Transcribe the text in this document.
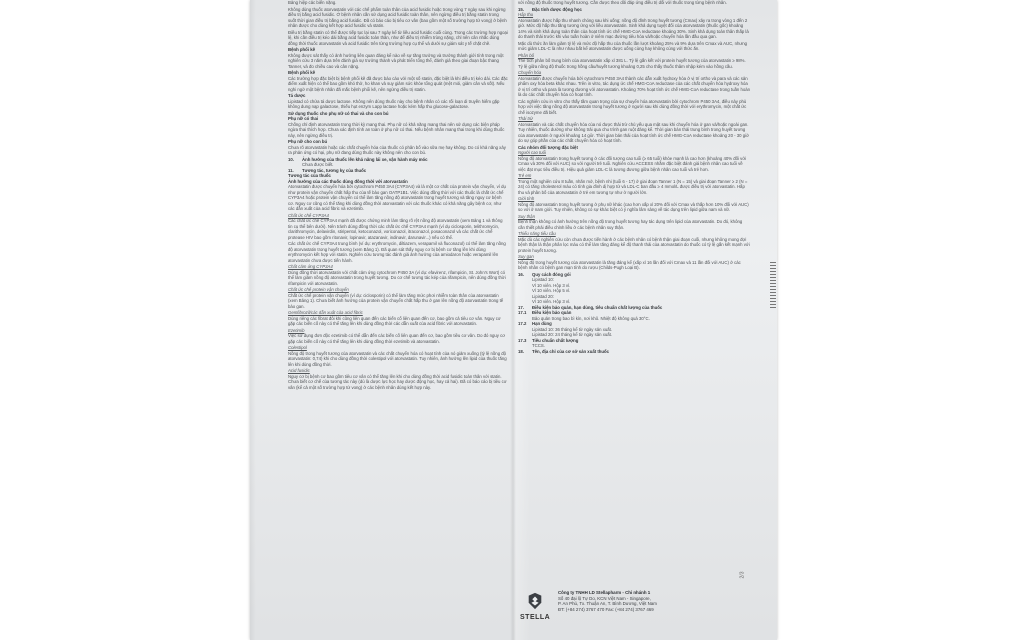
Bảng hiệp cảc biến nặng.
Không dùng thuốc atorvastatin với các chế phẩm toàn thân của acid fusidic hoặc trong vòng 7 ngày sau khi ngừng điều trị bằng acid fusidic. Ở bệnh nhân cần sử dụng acid fusidic toàn thân, nên ngừng điều trị bằng statin trong suốt thời gian điều trị bằng acid fusidic. Đã có báo cáo bị tiêu cơ vân (bao gồm một số trường hợp tử vong) ở bệnh nhân được cho dùng kết hợp acid fusidic và statin.
Điều trị bằng statin có thể được tiếp tục lại sau 7 ngày kể từ liều acid fusidic cuối cùng. Trong các trường hợp ngoại lệ, khi cần điều trị kéo dài bằng acid fusidic toàn thân, như để điều trị nhiễm trùng nặng, chỉ nên cân nhắc dùng đồng thời thuốc atorvastatin và acid fusidic trên từng trường hợp cụ thể và dưới sự giám sát y tế chặt chẽ.
Bệnh phổi kẽ
Không được sát thấy có ảnh hưởng liên quan đáng kể nào về sự tăng trưởng và trưởng thành giới tính trong một nghiên cứu 3 năm dựa trên đánh giá sự trưởng thành và phát triển tổng thể, đánh giá theo giai đoạn bậc thang Tanner, và đo chiều cao và cân nặng.
Bệnh phổi kẽ
Các trường hợp đặc biệt bị bệnh phổi kẽ đã được báo cáo với một số statin, đặc biệt là khi điều trị kéo dài. Các đặc điểm xuất hiện có thể bao gồm khó thở, ho khan và suy giảm sức khỏe tổng quát (mệt mỏi, giảm cân và sốt). Nếu nghi ngờ một bệnh nhân đã mắc bệnh phổi kẽ, nên ngừng điều trị statin.
Tá dược
Lipistad có chứa tá dược lactose. Không nên dùng thuốc này cho bệnh nhân có các rối loạn di truyền hiếm gặp không dung nạp galactose, thiếu hụt enzym Lapp lactase hoặc kém hấp thu glucose-galactose.
Sử dụng thuốc cho phụ nữ có thai và cho con bú
Phụ nữ có thai
Chống chỉ định atorvastatin trong thời kỳ mang thai. Phụ nữ có khả năng mang thai nên sử dụng các biện pháp ngừa thai thích hợp. Chưa xác định tính an toàn ở phụ nữ có thai. Nếu bệnh nhân mang thai trong khi dùng thuốc này, nên ngừng điều trị.
Phụ nữ cho con bú
Chưa rõ atorvastatin hoặc các chất chuyển hóa của thuốc có phân bố vào sữa mẹ hay không. Do có khả năng xảy ra phản ứng có hại, phụ nữ đang dùng thuốc này không nên cho con bú.
10. Ảnh hưởng của thuốc lên khả năng lái xe, vận hành máy móc
Chưa được biết.
11. Tương tác, tương kỵ của thuốc
Tương tác của thuốc
Ảnh hưởng của các thuốc dùng đồng thời với atorvastatin
Atorvastatin được chuyển hóa bởi cytochrom P450 3A4 (CYP3A4) và là một cơ chất của protein vận chuyển, ví dụ như protein vận chuyển chất hấp thu của tế bào gan OATP1B1. Việc dùng đồng thời với các thuốc là chất ức chế CYP3A4 hoặc protein vận chuyển có thể làm tăng nồng độ atorvastatin trong huyết tương và tăng nguy cơ bệnh cơ. Nguy cơ cũng có thể tăng khi dùng đồng thời atorvastatin với các thuốc khác có khả năng gây bệnh cơ, như các dẫn xuất của acid fibric và ezetimib.
Chất ức chế CYP3A4
Các chất ức chế CYP3A4 mạnh đã được chứng minh làm tăng rõ rệt nồng độ atorvastatin (xem Bảng 1 và thông tin cụ thể bên dưới). Nên tránh dùng đồng thời các chất ức chế CYP3A4 mạnh (ví dụ ciclosporin, telithromycin, clarithromycin, delavirdin, stiripentol, ketoconazol, voriconazol, itraconazol, posaconazol và các chất ức chế protease HIV bao gồm ritonavir, lopinavir, atazanavir, indinavir, darunavir...) nếu có thể.
Các chất ức chế CYP3A4 trung bình (ví dụ: erythromycin, diltiazem, verapamil và fluconazol) có thể làm tăng nồng độ atorvastatin trong huyết tương (xem Bảng 1). Đã quan sát thấy nguy cơ bị bệnh cơ tăng lên khi dùng erythromycin kết hợp với statin. Nghiên cứu tương tác đánh giá ảnh hưởng của amiodaron hoặc verapamil lên atorvastatin chưa được tiến hành.
Chất cảm ứng CYP3A4
Dùng đồng thời atorvastatin với chất cảm ứng cytochrom P450 3A (ví dụ: efavirenz, rifampicin, St. John's Wort) có thể làm giảm nồng độ atorvastatin trong huyết tương. Do cơ chế tương tác kép của rifampicin, nên dùng đồng thời rifampicin với atorvastatin.
Chất ức chế protein vận chuyển
Chất ức chế protein vận chuyển (ví dụ: ciclosporin) có thể làm tăng mức phơi nhiễm toàn thân của atorvastatin (xem Bảng 1). Chưa biết ảnh hưởng của protein vận chuyển chất hấp thu ở gan lên nồng độ atorvastatin trong tế bào gan.
Gemfibrozil/các dẫn xuất của acid fibric
Dùng riêng các fibrat đôi khi cũng liên quan đến các biến cố liên quan đến cơ, bao gồm cả tiêu cơ vân. Nguy cơ gặp các biến cố này có thể tăng lên khi dùng đồng thời các dẫn xuất của acid fibric với atorvastatin.
Ezetimib
Việc sử dụng đơn độc ezetimib có thể dẫn đến các biến cố liên quan đến cơ, bao gồm tiêu cơ vân. Do đó nguy cơ gặp các biến cố này có thể tăng lên khi dùng đồng thời ezetimib và atorvastatin.
Colestipol
Nồng độ trong huyết tương của atorvastatin và các chất chuyển hóa có hoạt tính của nó giảm xuống (tỷ lệ nồng độ atorvastatin: 0,74) khi cho dùng đồng thời colestipol với atorvastatin. Tuy nhiên, ảnh hưởng lên lipid của thuốc tăng lên khi dùng đồng thời.
Acid fusidic
Nguy cơ bị bệnh cơ bao gồm tiêu cơ vân có thể tăng lên khi cho dùng đồng thời acid fusidic toàn thân với statin. Chưa biết cơ chế của tương tác này (dù là dược lực học hay dược động học, hay cả hai). Đã có báo cáo bị tiêu cơ vân (kể cả một số trường hợp tử vong) ở các bệnh nhân dùng kết hợp này.
với nồng độ thuốc trong huyết tương. Cần được theo dõi đáp ứng điều trị dối với thuốc trong từng bệnh nhân.
15. Đặc tính dược động học
Hấp thu
Atorvastatin được hấp thu nhanh chóng sau khi uống; nồng độ đỉnh trong huyết tương (Cmax) xảy ra trong vòng 1 đến 2 giờ. Mức độ hấp thu tăng tương ứng với liều atorvastatin. Sinh khả dụng tuyệt đối của atorvastatin (thuốc gốc) khoảng 14% và sinh khả dụng toàn thân của hoạt tính ức chế HMG-CoA reductase khoảng 30%. Sinh khả dụng toàn thân thấp là do thanh thải trước khi vào tuần hoàn ở niêm mạc đường tiêu hóa và/hoặc chuyển hóa lần đầu qua gan.
Mặc dù thức ăn làm giảm tỷ lệ và mức độ hấp thu của thuốc lần lượt khoảng 25% và 9% dựa trên Cmax và AUC, nhưng mức giảm LDL-C là như nhau bất kể atorvastatin được uống cùng hay không cùng với thức ăn.
Phân bố
Thể tích phân bố trung bình của atorvastatin xấp xỉ 381 L. Tỷ lệ gắn kết với protein huyết tương của atorvastatin ≥ 98%. Tỷ lệ giữa nồng độ thuốc trong hồng cầu/huyết tương khoảng 0,25 cho thấy thuốc thâm nhập kém vào hồng cầu.
Chuyển hóa
Atorvastatin được chuyển hóa bởi cytochrom P450 3A4 thành các dẫn xuất hydroxy hóa ở vị trí ortho và para và các sản phẩm oxy hóa beta khác nhau. Trên in vitro, tác dụng ức chế HMG-CoA reductase của các chất chuyển hóa hydroxy hóa ở vị trí ortho và para là tương đương với atorvastatin. Khoảng 70% hoạt tính ức chế HMG-CoA reductase trong tuần hoàn là do các chất chuyển hóa có hoạt tính.
Các nghiên cứu in vitro cho thấy tầm quan trọng của sự chuyển hóa atorvastatin bởi cytochrom P450 3A4, điều này phù hợp với việc tăng nồng độ atorvastatin trong huyết tương ở người sau khi dùng đồng thời với erythromycin, một chất ức chế isozyme đã biết.
Thải trừ
Atorvastatin và các chất chuyển hóa của nó được thải trừ chủ yếu qua mật sau khi chuyển hóa ở gan và/hoặc ngoài gan. Tuy nhiên, thuốc dường như không trải qua chu trình gan ruột đáng kể. Thời gian bán thải trung bình trong huyết tương của atorvastatin ở người khoảng 14 giờ. Thời gian bán thải của hoạt tính ức chế HMG-CoA reductase khoảng 20 - 30 giờ do sự góp phần của các chất chuyển hóa có hoạt tính.
Các nhóm đối tượng đặc biệt
Người cao tuổi
Nồng độ atorvastatin trong huyết tương ở các đối tượng cao tuổi (≥ 65 tuổi) khỏe mạnh là cao hơn (khoảng 40% đối với Cmax và 30% đối với AUC) so với người trẻ tuổi. Nghiên cứu ACCESS nhằm đặc biệt đánh giá bệnh nhân cao tuổi về việc đạt mục tiêu điều trị. Hiệu quả giảm LDL-C là tương đương giữa bệnh nhân cao tuổi và trẻ hơn.
Trẻ em
Trong một nghiên cứu 8 tuần, nhãn mở, bệnh nhi (tuổi 6 - 17) ở giai đoạn Tanner 1 (N = 15) và giai đoạn Tanner ≥ 2 (N = 24) có tăng cholesterol máu có tính gia đình dị hợp tử và LDL-C ban đầu ≥ 4 mmol/L được điều trị với atorvastatin. Hấp thu và phân bố của atorvastatin ở trẻ em tương tự như ở người lớn.
Giới tính
Nồng độ atorvastatin trong huyết tương ở phụ nữ khác (cao hơn xấp xỉ 20% đối với Cmax và thấp hơn 10% đối với AUC) so với ở nam giới. Tuy nhiên, không có sự khác biệt có ý nghĩa lâm sàng về tác dụng trên lipid giữa nam và nữ.
Suy thận
Bệnh thận không có ảnh hưởng trên nồng độ trong huyết tương hay tác dụng trên lipid của atorvastatin. Do đó, không cần thiết phải điều chỉnh liều ở các bệnh nhân suy thận.
Thiểu năng tiểu cầu
Mặc dù các nghiên cứu còn chưa được tiến hành ở các bệnh nhân có bệnh thận giai đoạn cuối, nhưng không mong đợi bệnh thận là thận phân lọc máu có thể làm tăng đáng kể độ thanh thải của atorvastatin do thuốc có tỷ lệ gắn kết mạnh với protein huyết tương.
Suy gan
Nồng độ trong huyết tương của atorvastatin là tăng đáng kể (xấp xỉ 16 lần đối với Cmax và 11 lần đối với AUC) ở các bệnh nhân có bệnh gan mạn tính do rượu (Childs-Pugh Loại B).
16. Quy cách đóng gói
Lipistad 10:
Vỉ 10 viên. Hộp 3 vỉ.
Vỉ 10 viên. Hộp 5 vỉ.
Lipistad 20:
Vỉ 10 viên. Hộp 3 vỉ.
17. Điều kiện bảo quản, hạn dùng, tiêu chuẩn chất lượng của thuốc
17.1 Điều kiện bảo quản
Bảo quản trong bao bì kín, nơi khô. Nhiệt độ không quá 30°C.
17.2 Hạn dùng
Lipistad 10: 36 tháng kể từ ngày sản xuất.
Lipistad 20: 24 tháng kể từ ngày sản xuất.
17.3 Tiêu chuẩn chất lượng
TCCS.
18. Tên, địa chỉ của cơ sở sản xuất thuốc
STELLA
Công ty TNHH LD Stellapharm - Chi nhánh 1
Số 40 đại lộ Tự Do, KCN Việt Nam - Singapore,
P. An Phú, Tx. Thuận An, T. Bình Dương, Việt Nam
ĐT: (+84 274) 3767 470 Fax: (+84 274) 3767 469
2/3
